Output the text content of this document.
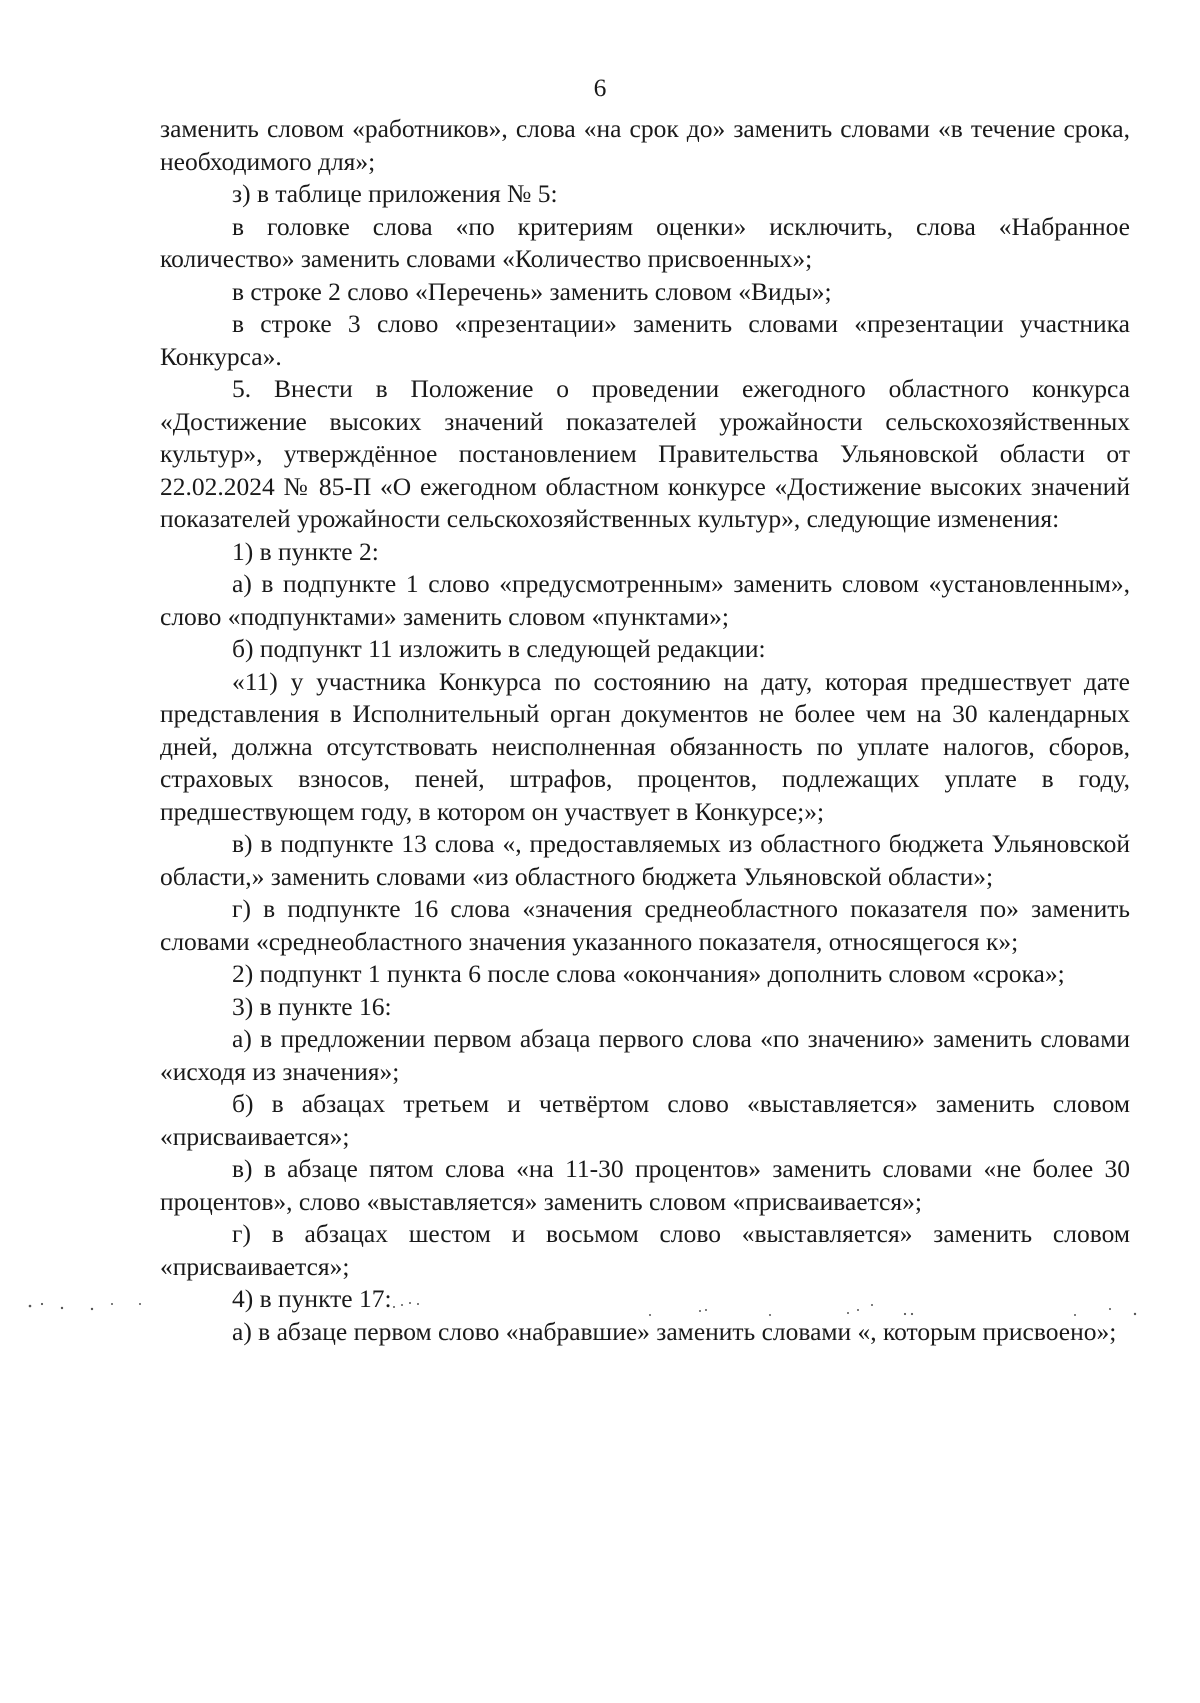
6

заменить словом «работников», слова «на срок до» заменить словами «в течение срока, необходимого для»;

з) в таблице приложения № 5:

в головке слова «по критериям оценки» исключить, слова «Набранное количество» заменить словами «Количество присвоенных»;

в строке 2 слово «Перечень» заменить словом «Виды»;

в строке 3 слово «презентации» заменить словами «презентации участника Конкурса».

5. Внести в Положение о проведении ежегодного областного конкурса «Достижение высоких значений показателей урожайности сельскохозяйственных культур», утверждённое постановлением Правительства Ульяновской области от 22.02.2024 № 85-П «О ежегодном областном конкурсе «Достижение высоких значений показателей урожайности сельскохозяйственных культур», следующие изменения:

1) в пункте 2:

а) в подпункте 1 слово «предусмотренным» заменить словом «установленным», слово «подпунктами» заменить словом «пунктами»;

б) подпункт 11 изложить в следующей редакции:

«11) у участника Конкурса по состоянию на дату, которая предшествует дате представления в Исполнительный орган документов не более чем на 30 календарных дней, должна отсутствовать неисполненная обязанность по уплате налогов, сборов, страховых взносов, пеней, штрафов, процентов, подлежащих уплате в году, предшествующем году, в котором он участвует в Конкурсе;»;

в) в подпункте 13 слова «, предоставляемых из областного бюджета Ульяновской области,» заменить словами «из областного бюджета Ульяновской области»;

г) в подпункте 16 слова «значения среднеобластного показателя по» заменить словами «среднеобластного значения указанного показателя, относящегося к»;

2) подпункт 1 пункта 6 после слова «окончания» дополнить словом «срока»;

3) в пункте 16:

а) в предложении первом абзаца первого слова «по значению» заменить словами «исходя из значения»;

б) в абзацах третьем и четвёртом слово «выставляется» заменить словом «присваивается»;

в) в абзаце пятом слова «на 11-30 процентов» заменить словами «не более 30 процентов», слово «выставляется» заменить словом «присваивается»;

г) в абзацах шестом и восьмом слово «выставляется» заменить словом «присваивается»;

4) в пункте 17:

а) в абзаце первом слово «набравшие» заменить словами «, которым присвоено»;
